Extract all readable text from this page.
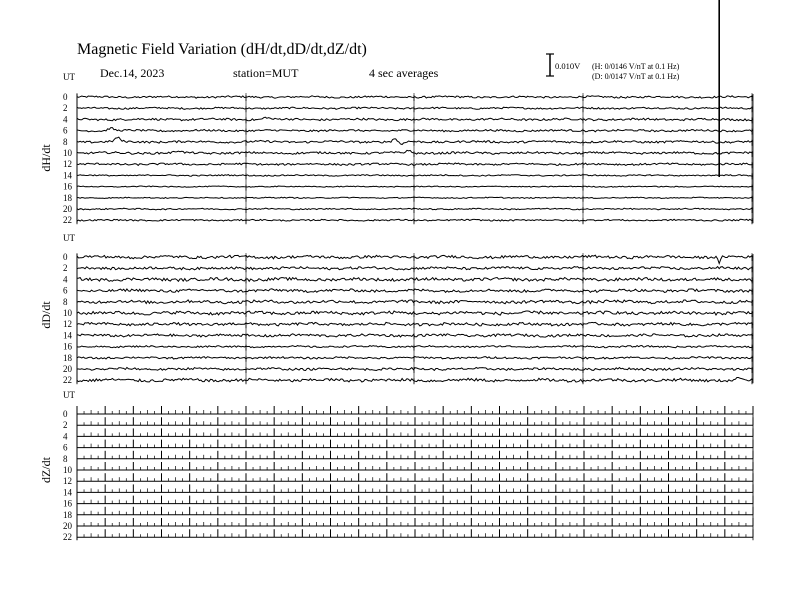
Magnetic Field Variation (dH/dt,dD/dt,dZ/dt)
Dec.14, 2023	station=MUT	4 sec averages	0.010V (H: 0/0146 V/nT at 0.1 Hz)
(D: 0/0147 V/nT at 0.1 Hz)
UT
dH/dt
0
2
4
6
8
10
12
14
16
18
20
22
UT
dD/dt
0
2
4
6
8
10
12
14
16
18
20
22
UT
dZ/dt
0
2
4
6
8
10
12
14
16
18
20
22
